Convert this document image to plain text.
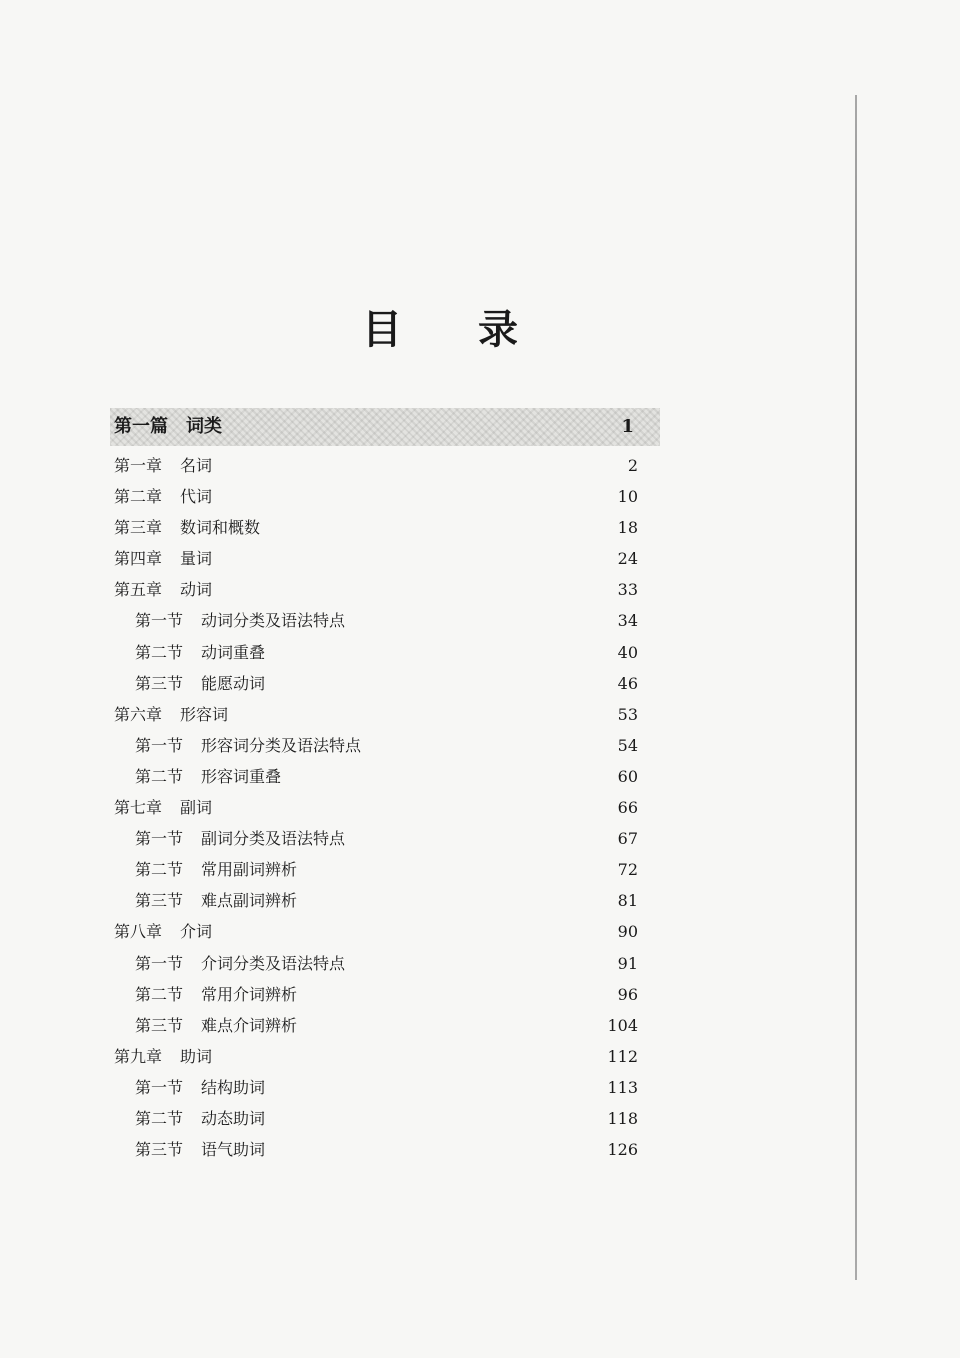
目 录
第一篇 词类	1
第一章 名词	2
第二章 代词	10
第三章 数词和概数	18
第四章 量词	24
第五章 动词	33
第一节 动词分类及语法特点	34
第二节 动词重叠	40
第三节 能愿动词	46
第六章 形容词	53
第一节 形容词分类及语法特点	54
第二节 形容词重叠	60
第七章 副词	66
第一节 副词分类及语法特点	67
第二节 常用副词辨析	72
第三节 难点副词辨析	81
第八章 介词	90
第一节 介词分类及语法特点	91
第二节 常用介词辨析	96
第三节 难点介词辨析	104
第九章 助词	112
第一节 结构助词	113
第二节 动态助词	118
第三节 语气助词	126
